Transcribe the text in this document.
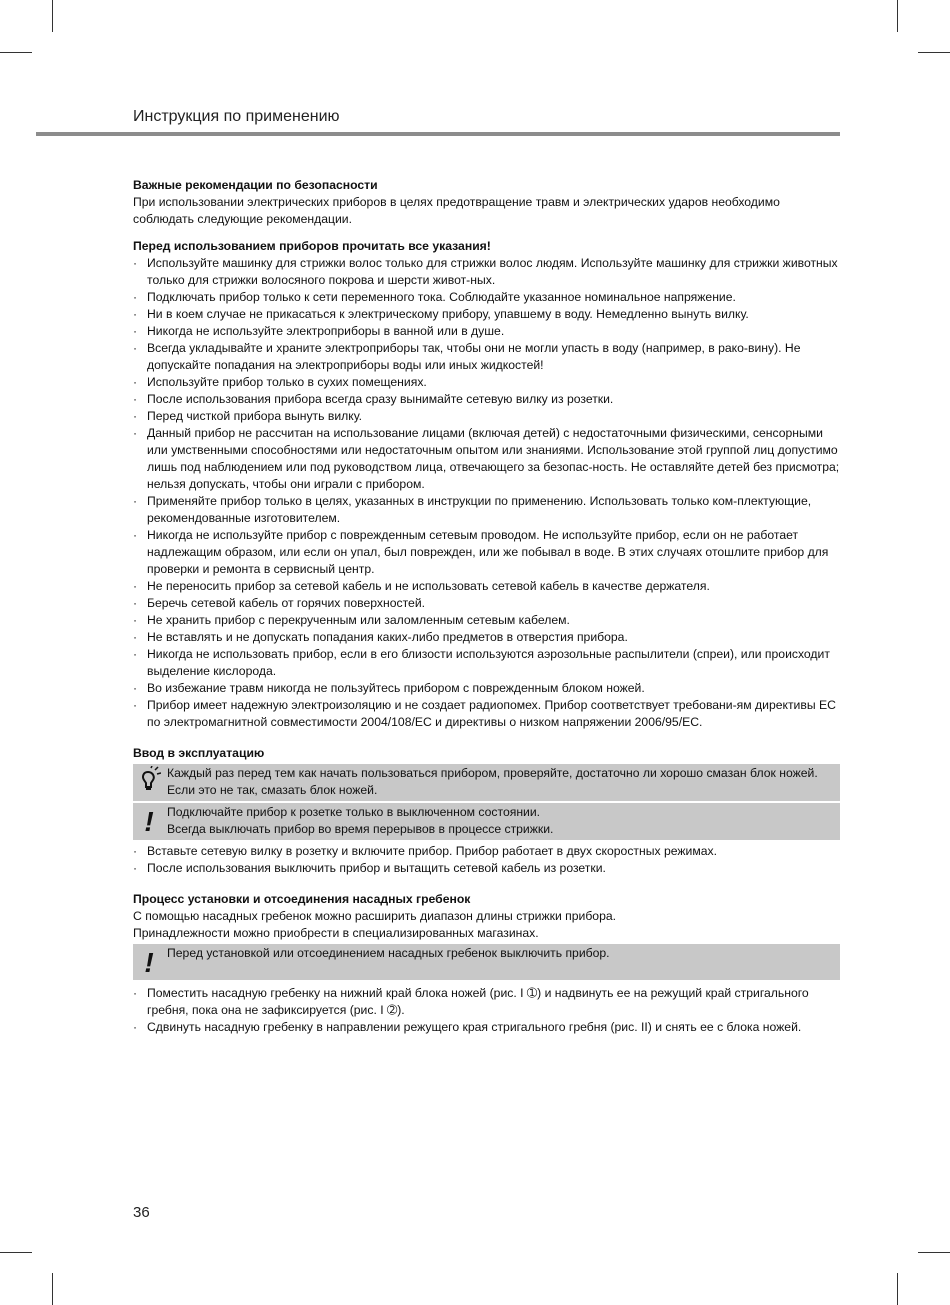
Инструкция по применению

Важные рекомендации по безопасности

При использовании электрических приборов в целях предотвращение травм и электрических ударов необходимо соблюдать следующие рекомендации.

Перед использованием приборов прочитать все указания!

· Используйте машинку для стрижки волос только для стрижки волос людям. Используйте машинку для стрижки животных только для стрижки волосяного покрова и шерсти живот-ных.
· Подключать прибор только к сети переменного тока. Соблюдайте указанное номинальное напряжение.
· Ни в коем случае не прикасаться к электрическому прибору, упавшему в воду. Немедленно вынуть вилку.
· Никогда не используйте электроприборы в ванной или в душе.
· Всегда укладывайте и храните электроприборы так, чтобы они не могли упасть в воду (например, в рако-вину). Не допускайте попадания на электроприборы воды или иных жидкостей!
· Используйте прибор только в сухих помещениях.
· После использования прибора всегда сразу вынимайте сетевую вилку из розетки.
· Перед чисткой прибора вынуть вилку.
· Данный прибор не рассчитан на использование лицами (включая детей) с недостаточными физическими, сенсорными или умственными способностями или недостаточным опытом или знаниями. Использование этой группой лиц допустимо лишь под наблюдением или под руководством лица, отвечающего за безопас-ность. Не оставляйте детей без присмотра; нельзя допускать, чтобы они играли с прибором.
· Применяйте прибор только в целях, указанных в инструкции по применению. Использовать только ком-плектующие, рекомендованные изготовителем.
· Никогда не используйте прибор с поврежденным сетевым проводом. Не используйте прибор, если он не работает надлежащим образом, или если он упал, был поврежден, или же побывал в воде. В этих случаях отошлите прибор для проверки и ремонта в сервисный центр.
· Не переносить прибор за сетевой кабель и не использовать сетевой кабель в качестве держателя.
· Беречь сетевой кабель от горячих поверхностей.
· Не хранить прибор с перекрученным или заломленным сетевым кабелем.
· Не вставлять и не допускать попадания каких-либо предметов в отверстия прибора.
· Никогда не использовать прибор, если в его близости используются аэрозольные распылители (спреи), или происходит выделение кислорода.
· Во избежание травм никогда не пользуйтесь прибором с поврежденным блоком ножей.
· Прибор имеет надежную электроизоляцию и не создает радиопомех. Прибор соответствует требовани-ям директивы ЕС по электромагнитной совместимости 2004/108/ЕС и директивы о низком напряжении 2006/95/ЕС.

Ввод в эксплуатацию

Каждый раз перед тем как начать пользоваться прибором, проверяйте, достаточно ли хорошо смазан блок ножей. Если это не так, смазать блок ножей.
!	Подключайте прибор к розетке только в выключенном состоянии.
Всегда выключать прибор во время перерывов в процессе стрижки.
· Вставьте сетевую вилку в розетку и включите прибор. Прибор работает в двух скоростных режимах.
· После использования выключить прибор и вытащить сетевой кабель из розетки.

Процесс установки и отсоединения насадных гребенок

С помощью насадных гребенок можно расширить диапазон длины стрижки прибора.

Принадлежности можно приобрести в специализированных магазинах.

!	Перед установкой или отсоединением насадных гребенок выключить прибор.
· Поместить насадную гребенку на нижний край блока ножей (рис. I ➀) и надвинуть ее на режущий край стригального гребня, пока она не зафиксируется (рис. I ➁).
· Сдвинуть насадную гребенку в направлении режущего края стригального гребня (рис. II) и снять ее с блока ножей.
36
